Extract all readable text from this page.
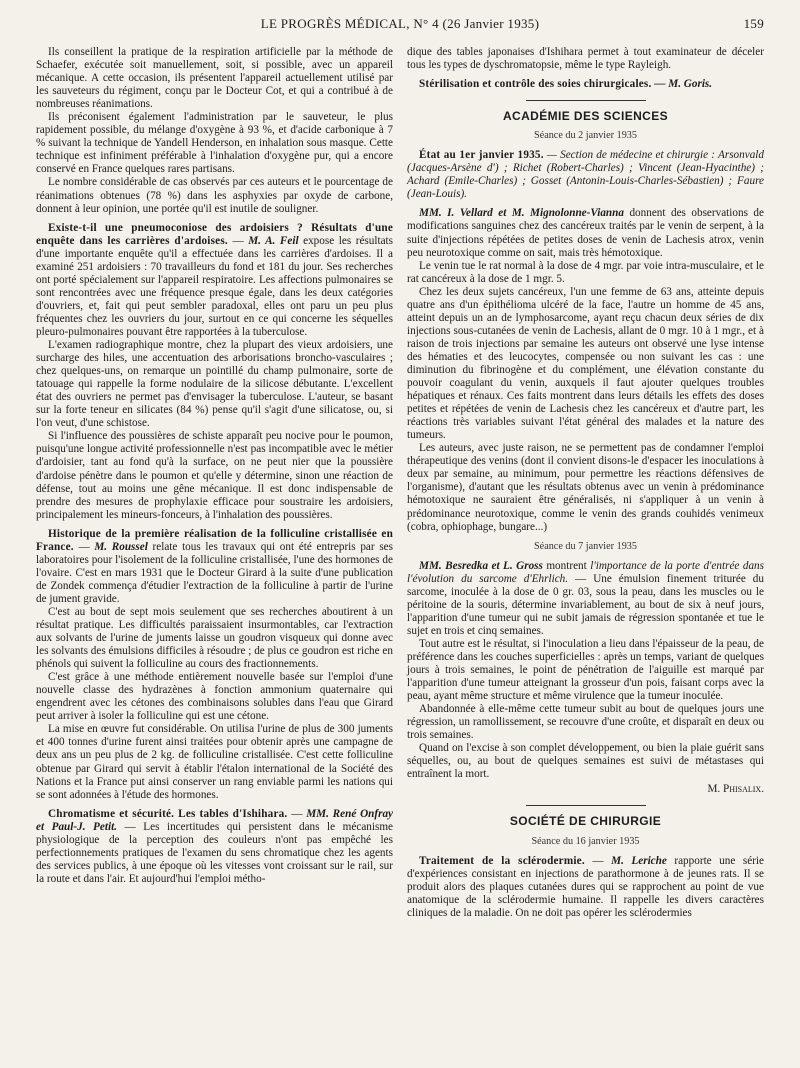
LE PROGRÈS MÉDICAL, N° 4 (26 Janvier 1935)	159

Ils conseillent la pratique de la respiration artificielle par la méthode de Schaefer, exécutée soit manuellement, soit, si possible, avec un appareil mécanique. A cette occasion, ils présentent l'appareil actuellement utilisé par les sauveteurs du régiment, conçu par le Docteur Cot, et qui a contribué à de nombreuses réanimations.

Ils préconisent également l'administration par le sauveteur, le plus rapidement possible, du mélange d'oxygène à 93 %, et d'acide carbonique à 7 % suivant la technique de Yandell Henderson, en inhalation sous masque. Cette technique est infiniment préférable à l'inhalation d'oxygène pur, qui a encore conservé en France quelques rares partisans.

Le nombre considérable de cas observés par ces auteurs et le pourcentage de réanimations obtenues (78 %) dans les asphyxies par oxyde de carbone, donnent à leur opinion, une portée qu'il est inutile de souligner.

Existe-t-il une pneumoconiose des ardoisiers ? Résultats d'une enquête dans les carrières d'ardoises. — M. A. Feil expose les résultats d'une importante enquête qu'il a effectuée dans les carrières d'ardoises. Il a examiné 251 ardoisiers : 70 travailleurs du fond et 181 du jour. Ses recherches ont porté spécialement sur l'appareil respiratoire. Les affections pulmonaires se sont rencontrées avec une fréquence presque égale, dans les deux catégories d'ouvriers, et, fait qui peut sembler paradoxal, elles ont paru un peu plus fréquentes chez les ouvriers du jour, surtout en ce qui concerne les séquelles pleuro-pulmonaires pouvant être rapportées à la tuberculose.

L'examen radiographique montre, chez la plupart des vieux ardoisiers, une surcharge des hiles, une accentuation des arborisations broncho-vasculaires ; chez quelques-uns, on remarque un pointillé du champ pulmonaire, sorte de tatouage qui rappelle la forme nodulaire de la silicose débutante. L'excellent état des ouvriers ne permet pas d'envisager la tuberculose. L'auteur, se basant sur la forte teneur en silicates (84 %) pense qu'il s'agit d'une silicatose, ou, si l'on veut, d'une schistose.

Si l'influence des poussières de schiste apparaît peu nocive pour le poumon, puisqu'une longue activité professionnelle n'est pas incompatible avec le métier d'ardoisier, tant au fond qu'à la surface, on ne peut nier que la poussière d'ardoise pénètre dans le poumon et qu'elle y détermine, sinon une réaction de défense, tout au moins une gêne mécanique. Il est donc indispensable de prendre des mesures de prophylaxie efficace pour soustraire les ardoisiers, principalement les mineurs-fonceurs, à l'inhalation des poussières.

Historique de la première réalisation de la folliculine cristallisée en France. — M. Roussel relate tous les travaux qui ont été entrepris par ses laboratoires pour l'isolement de la folliculine cristallisée, l'une des hormones de l'ovaire. C'est en mars 1931 que le Docteur Girard à la suite d'une publication de Zondek commença d'étudier l'extraction de la folliculine à partir de l'urine de jument gravide.

C'est au bout de sept mois seulement que ses recherches aboutirent à un résultat pratique. Les difficultés paraissaient insurmontables, car l'extraction aux solvants de l'urine de juments laisse un goudron visqueux qui donne avec les solvants des émulsions difficiles à résoudre ; de plus ce goudron est riche en phénols qui suivent la folliculine au cours des fractionnements.

C'est grâce à une méthode entièrement nouvelle basée sur l'emploi d'une nouvelle classe des hydrazènes à fonction ammonium quaternaire qui engendrent avec les cétones des combinaisons solubles dans l'eau que Girard peut arriver à isoler la folliculine qui est une cétone.

La mise en œuvre fut considérable. On utilisa l'urine de plus de 300 juments et 400 tonnes d'urine furent ainsi traitées pour obtenir après une campagne de deux ans un peu plus de 2 kg. de folliculine cristallisée. C'est cette folliculine obtenue par Girard qui servit à établir l'étalon international de la Société des Nations et la France put ainsi conserver un rang enviable parmi les nations qui se sont adonnées à l'étude des hormones.

Chromatisme et sécurité. Les tables d'Ishihara. — MM. René Onfray et Paul-J. Petit. — Les incertitudes qui persistent dans le mécanisme physiologique de la perception des couleurs n'ont pas empêché les perfectionnements pratiques de l'examen du sens chromatique chez les agents des services publics, à une époque où les vitesses vont croissant sur le rail, sur la route et dans l'air. Et aujourd'hui l'emploi métho-

dique des tables japonaises d'Ishihara permet à tout examinateur de déceler tous les types de dyschromatopsie, même le type Rayleigh.

Stérilisation et contrôle des soies chirurgicales. — M. Goris.

ACADÉMIE DES SCIENCES
Séance du 2 janvier 1935

État au 1er janvier 1935. — Section de médecine et chirurgie : Arsonvald (Jacques-Arsène d') ; Richet (Robert-Charles) ; Vincent (Jean-Hyacinthe) ; Achard (Emile-Charles) ; Gosset (Antonin-Louis-Charles-Sébastien) ; Faure (Jean-Louis).

MM. I. Vellard et M. Mignolonne-Vianna donnent des observations de modifications sanguines chez des cancéreux traités par le venin de serpent, à la suite d'injections répétées de petites doses de venin de Lachesis atrox, venin peu neurotoxique comme on sait, mais très hémotoxique.

Le venin tue le rat normal à la dose de 4 mgr. par voie intra-musculaire, et le rat cancéreux à la dose de 1 mgr. 5.

Chez les deux sujets cancéreux, l'un une femme de 63 ans, atteinte depuis quatre ans d'un épithélioma ulcéré de la face, l'autre un homme de 45 ans, atteint depuis un an de lymphosarcome, ayant reçu chacun deux séries de dix injections sous-cutanées de venin de Lachesis, allant de 0 mgr. 10 à 1 mgr., et à raison de trois injections par semaine les auteurs ont observé une lyse intense des hématies et des leucocytes, compensée ou non suivant les cas : une diminution du fibrinogène et du complément, une élévation constante du pouvoir coagulant du venin, auxquels il faut ajouter quelques troubles hépatiques et rénaux. Ces faits montrent dans leurs détails les effets des doses petites et répétées de venin de Lachesis chez les cancéreux et d'autre part, les réactions très variables suivant l'état général des malades et la nature des tumeurs.

Les auteurs, avec juste raison, ne se permettent pas de condamner l'emploi thérapeutique des venins (dont il convient disons-le d'espacer les inoculations à deux par semaine, au minimum, pour permettre les réactions défensives de l'organisme), d'autant que les résultats obtenus avec un venin à prédominance hémotoxique ne sauraient être généralisés, ni s'appliquer à un venin à prédominance neurotoxique, comme le venin des grands couhidés venimeux (cobra, ophiophage, bungare...)

Séance du 7 janvier 1935

MM. Besredka et L. Gross montrent l'importance de la porte d'entrée dans l'évolution du sarcome d'Ehrlich. — Une émulsion finement triturée du sarcome, inoculée à la dose de 0 gr. 03, sous la peau, dans les muscles ou le péritoine de la souris, détermine invariablement, au bout de six à neuf jours, l'apparition d'une tumeur qui ne subit jamais de régression spontanée et tue le sujet en trois et cinq semaines.

Tout autre est le résultat, si l'inoculation a lieu dans l'épaisseur de la peau, de préférence dans les couches superficielles : après un temps, variant de quelques jours à trois semaines, le point de pénétration de l'aiguille est marqué par l'apparition d'une tumeur atteignant la grosseur d'un pois, faisant corps avec la peau, ayant même structure et même virulence que la tumeur inoculée.

Abandonnée à elle-même cette tumeur subit au bout de quelques jours une régression, un ramollissement, se recouvre d'une croûte, et disparaît en deux ou trois semaines.

Quand on l'excise à son complet développement, ou bien la plaie guérit sans séquelles, ou, au bout de quelques semaines est suivi de métastases qui entraînent la mort.

M. Phisalix.
SOCIÉTÉ DE CHIRURGIE
Séance du 16 janvier 1935

Traitement de la sclérodermie. — M. Leriche rapporte une série d'expériences consistant en injections de parathormone à de jeunes rats. Il se produit alors des plaques cutanées dures qui se rapprochent au point de vue anatomique de la sclérodermie humaine. Il rappelle les divers caractères cliniques de la maladie. On ne doit pas opérer les sclérodermies
